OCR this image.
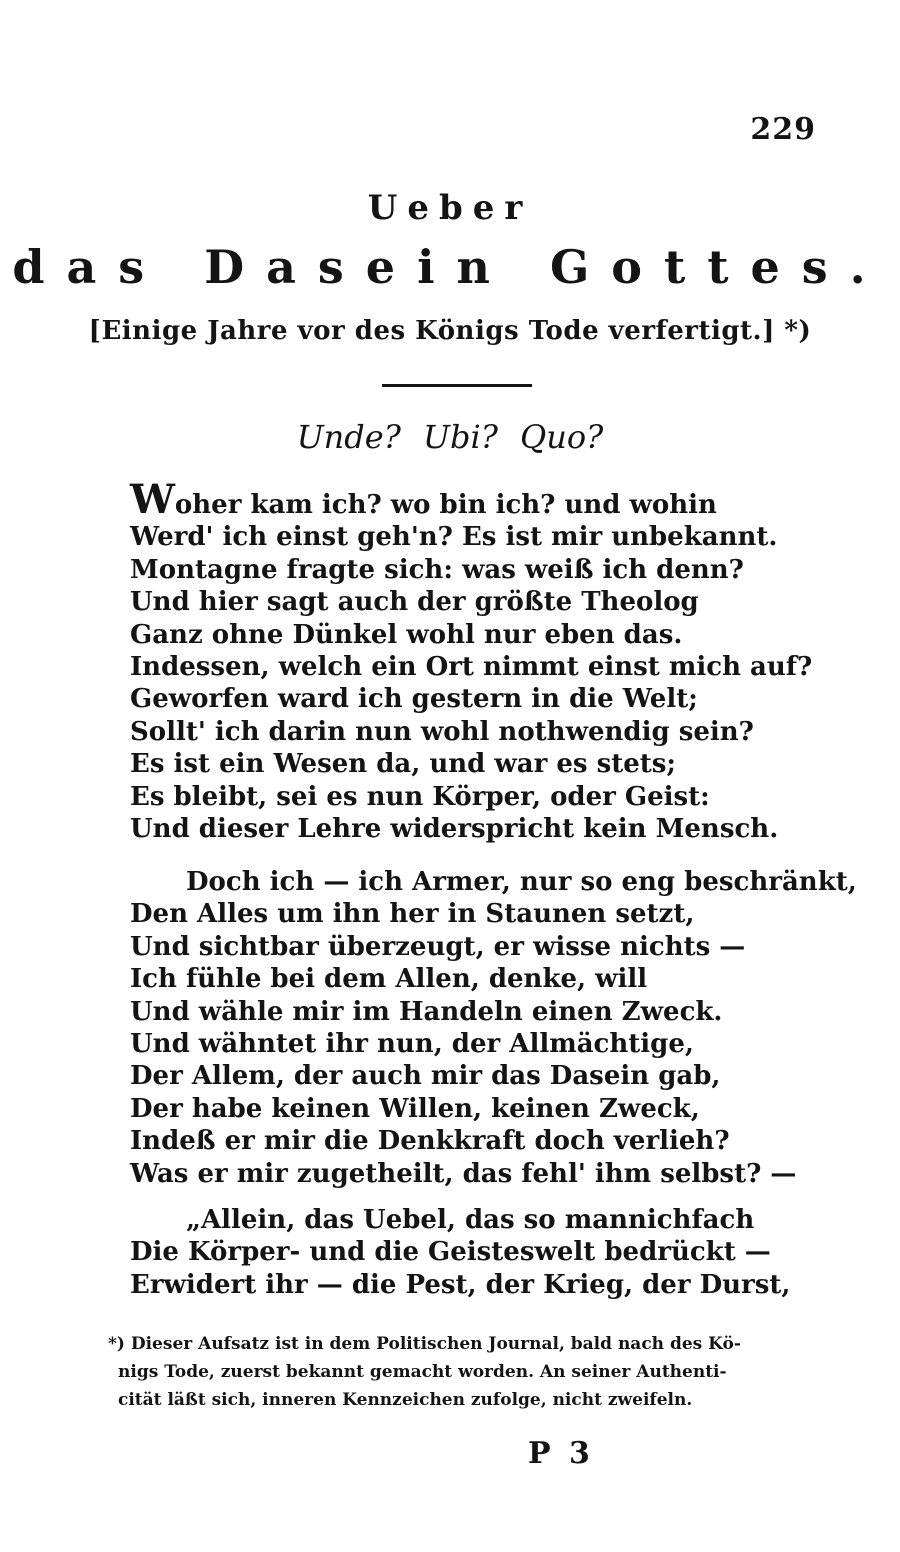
229
Ueber
das Dasein Gottes.
[Einige Jahre vor des Königs Tode verfertigt.] *)
Unde? Ubi? Quo?
Woher kam ich? wo bin ich? und wohin
Werd' ich einst geh'n? Es ist mir unbekannt.
Montagne fragte sich: was weiß ich denn?
Und hier sagt auch der größte Theolog
Ganz ohne Dünkel wohl nur eben das.
Indessen, welch ein Ort nimmt einst mich auf?
Geworfen ward ich gestern in die Welt;
Sollt' ich darin nun wohl nothwendig sein?
Es ist ein Wesen da, und war es stets;
Es bleibt, sei es nun Körper, oder Geist:
Und dieser Lehre widerspricht kein Mensch.
Doch ich — ich Armer, nur so eng beschränkt,
Den Alles um ihn her in Staunen setzt,
Und sichtbar überzeugt, er wisse nichts —
Ich fühle bei dem Allen, denke, will
Und wähle mir im Handeln einen Zweck.
Und wähntet ihr nun, der Allmächtige,
Der Allem, der auch mir das Dasein gab,
Der habe keinen Willen, keinen Zweck,
Indeß er mir die Denkkraft doch verlieh?
Was er mir zugetheilt, das fehl' ihm selbst? —
„Allein, das Uebel, das so mannichfach
Die Körper- und die Geisteswelt bedrückt —
Erwidert ihr — die Pest, der Krieg, der Durst,
*) Dieser Aufsatz ist in dem Politischen Journal, bald nach des Kö-
nigs Tode, zuerst bekannt gemacht worden. An seiner Authenti-
cität läßt sich, inneren Kennzeichen zufolge, nicht zweifeln.
P 3
